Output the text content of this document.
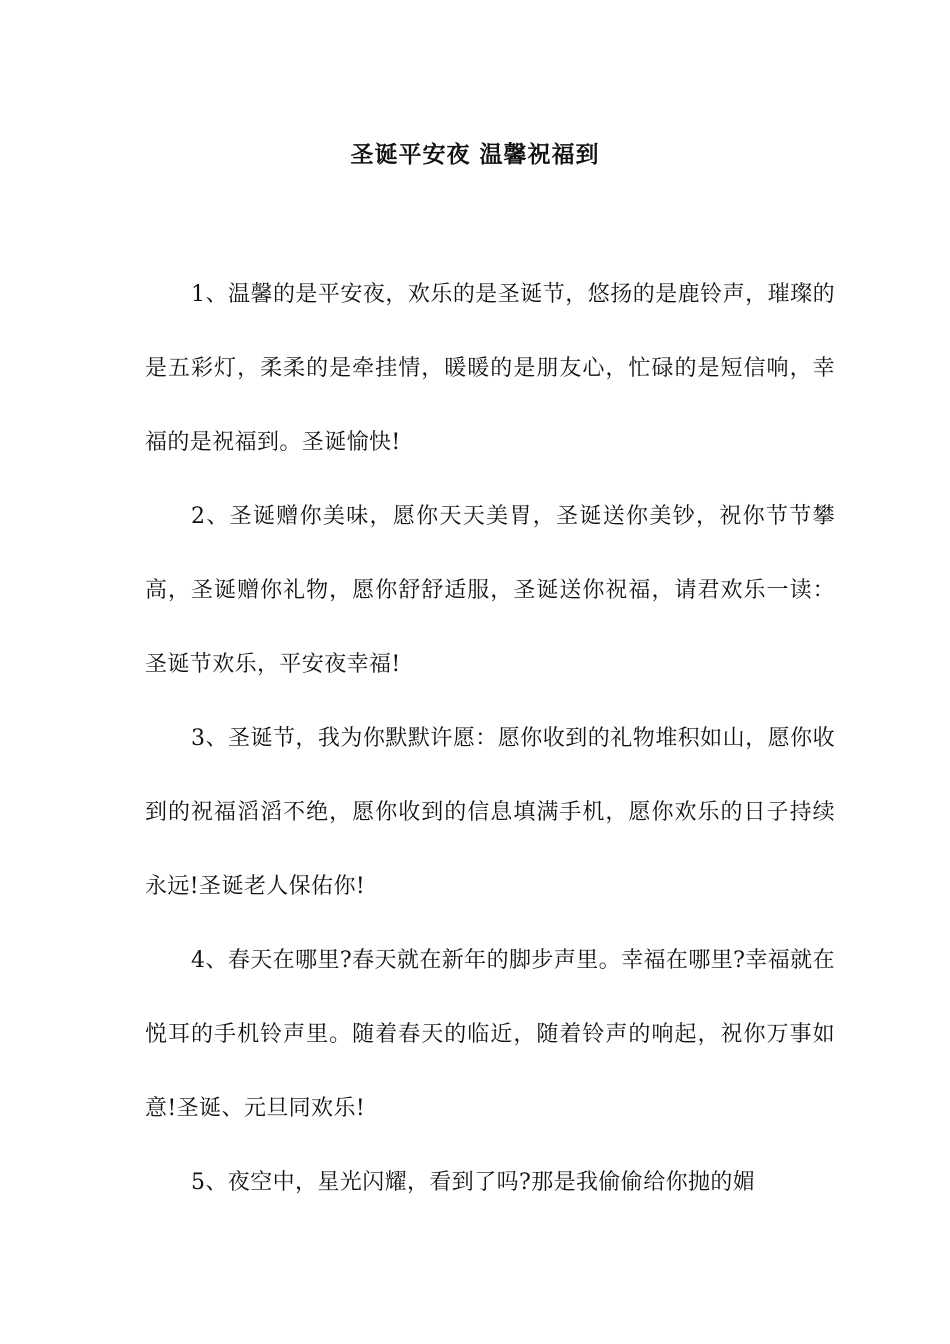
圣诞平安夜 温馨祝福到

1、温馨的是平安夜，欢乐的是圣诞节，悠扬的是鹿铃声，璀璨的是五彩灯，柔柔的是牵挂情，暖暖的是朋友心，忙碌的是短信响，幸福的是祝福到。圣诞愉快!

2、圣诞赠你美味，愿你天天美胃，圣诞送你美钞，祝你节节攀高，圣诞赠你礼物，愿你舒舒适服，圣诞送你祝福，请君欢乐一读：圣诞节欢乐，平安夜幸福!

3、圣诞节，我为你默默许愿：愿你收到的礼物堆积如山，愿你收到的祝福滔滔不绝，愿你收到的信息填满手机，愿你欢乐的日子持续永远!圣诞老人保佑你!

4、春天在哪里?春天就在新年的脚步声里。幸福在哪里?幸福就在悦耳的手机铃声里。随着春天的临近，随着铃声的响起，祝你万事如意!圣诞、元旦同欢乐!

5、夜空中，星光闪耀，看到了吗?那是我偷偷给你抛的媚
